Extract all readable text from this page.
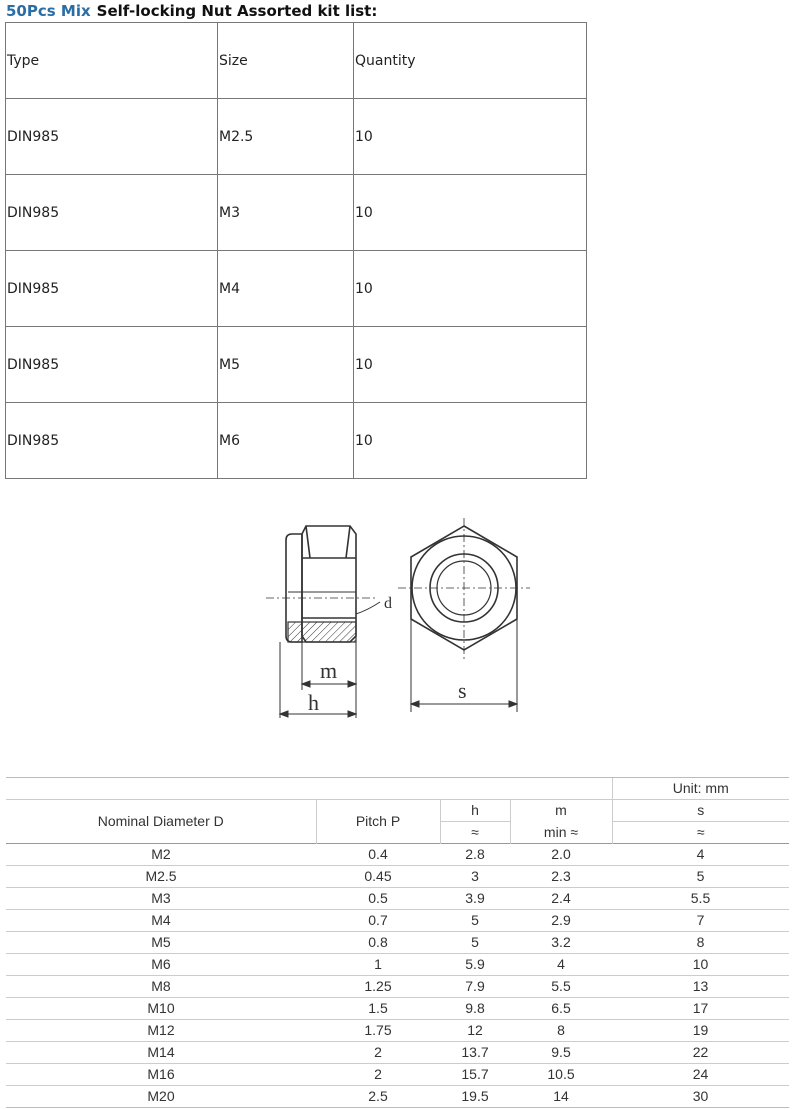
50Pcs Mix Self-locking Nut Assorted kit list:
Type	Size	Quantity
DIN985	M2.5	10
DIN985	M3	10
DIN985	M4	10
DIN985	M5	10
DIN985	M6	10
d
m
h	s
				Unit: mm
Nominal Diameter D	Pitch P	h	m	s
		≈	min ≈	≈
M2	0.4	2.8	2.0	4
M2.5	0.45	3	2.3	5
M3	0.5	3.9	2.4	5.5
M4	0.7	5	2.9	7
M5	0.8	5	3.2	8
M6	1	5.9	4	10
M8	1.25	7.9	5.5	13
M10	1.5	9.8	6.5	17
M12	1.75	12	8	19
M14	2	13.7	9.5	22
M16	2	15.7	10.5	24
M20	2.5	19.5	14	30
